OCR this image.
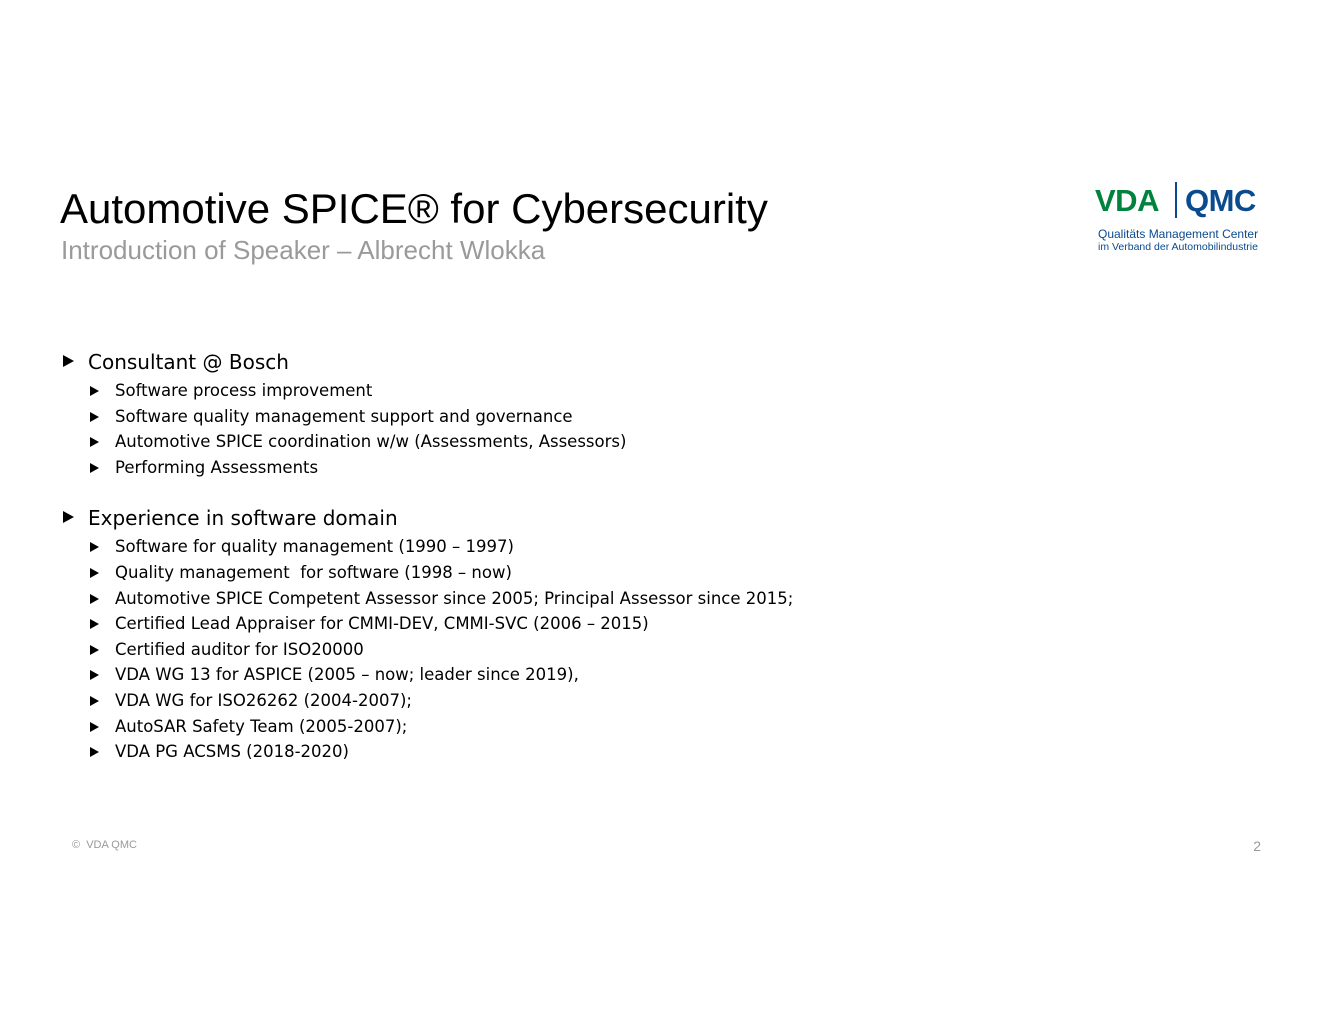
Automotive SPICE® for Cybersecurity
Introduction of Speaker – Albrecht Wlokka
VDA QMC
Qualitäts Management Center
im Verband der Automobilindustrie
Consultant @ Bosch
Software process improvement
Software quality management support and governance
Automotive SPICE coordination w/w (Assessments, Assessors)
Performing Assessments
Experience in software domain
Software for quality management (1990 – 1997)
Quality management  for software (1998 – now)
Automotive SPICE Competent Assessor since 2005; Principal Assessor since 2015;
Certified Lead Appraiser for CMMI-DEV, CMMI-SVC (2006 – 2015)
Certified auditor for ISO20000
VDA WG 13 for ASPICE (2005 – now; leader since 2019),
VDA WG for ISO26262 (2004-2007);
AutoSAR Safety Team (2005-2007);
VDA PG ACSMS (2018-2020)
©  VDA QMC	2
